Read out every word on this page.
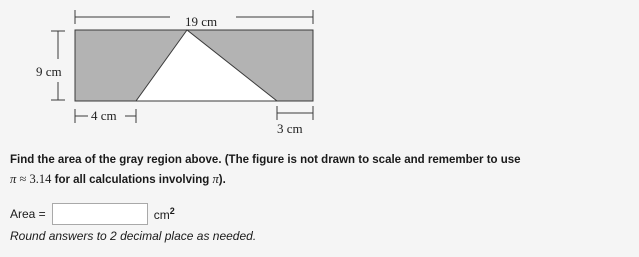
19 cm
9 cm
4 cm
3 cm
Find the area of the gray region above. (The figure is not drawn to scale and remember to use
π ≈ 3.14 for all calculations involving π).
Area =	$cm^2$
Round answers to 2 decimal place as needed.
